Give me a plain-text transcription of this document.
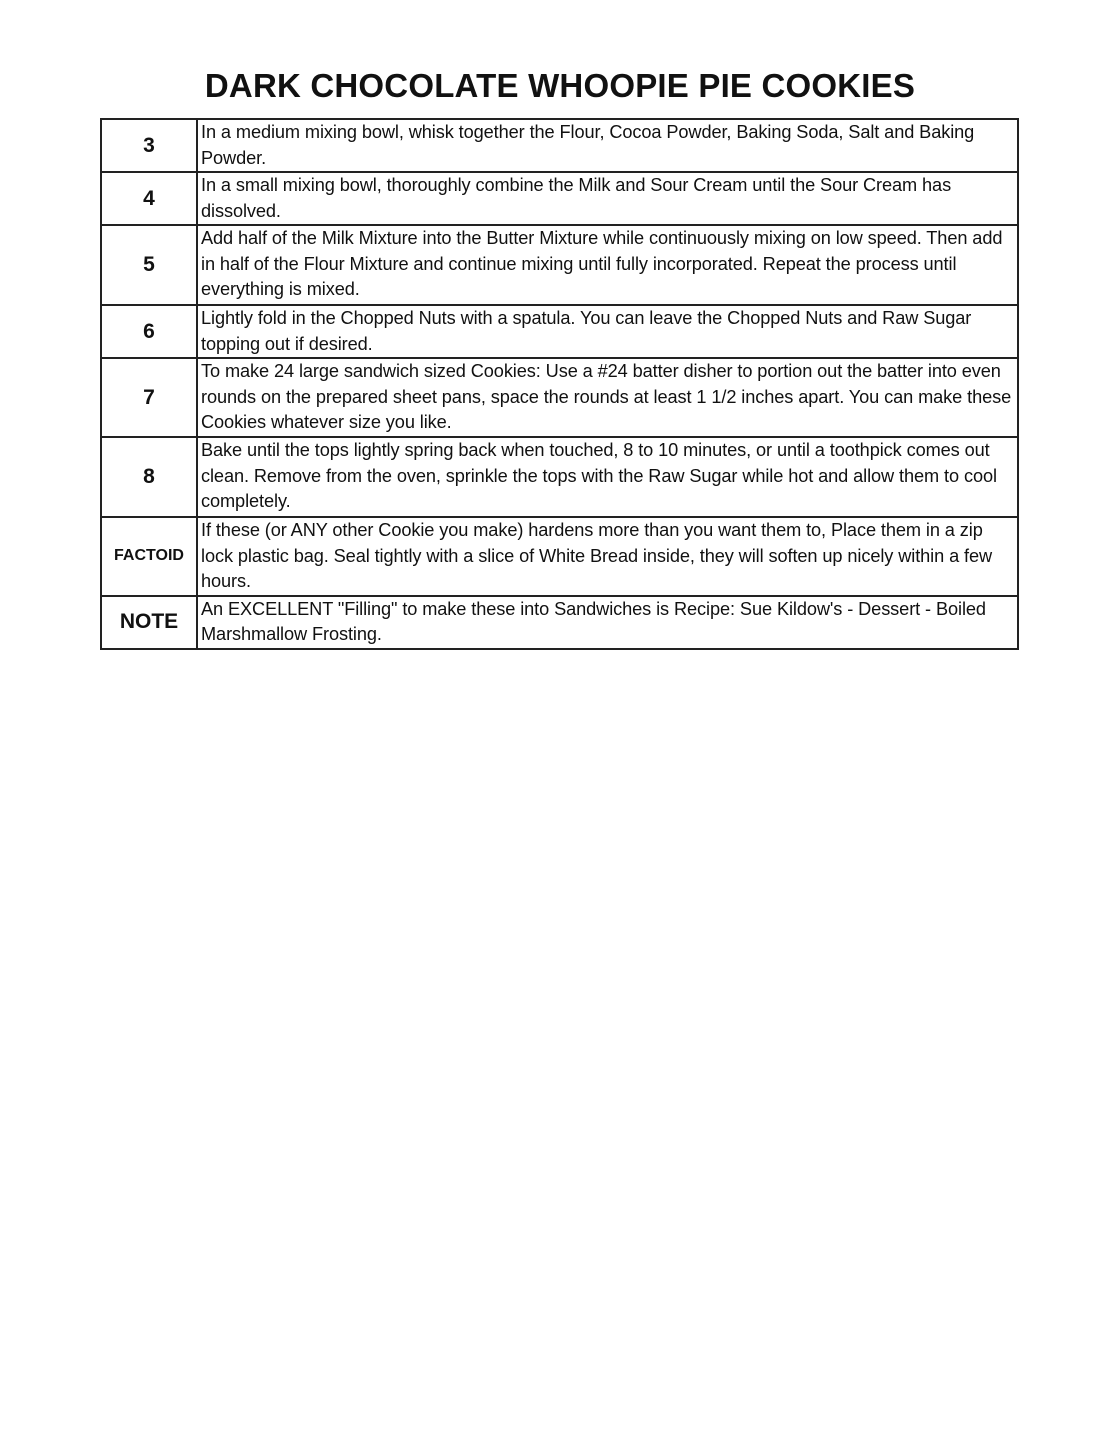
DARK CHOCOLATE WHOOPIE PIE COOKIES
3	In a medium mixing bowl, whisk together the Flour, Cocoa Powder, Baking Soda, Salt and Baking Powder.
4	In a small mixing bowl, thoroughly combine the Milk and Sour Cream until the Sour Cream has dissolved.
5	Add half of the Milk Mixture into the Butter Mixture while continuously mixing on low speed. Then add in half of the Flour Mixture and continue mixing until fully incorporated. Repeat the process until everything is mixed.
6	Lightly fold in the Chopped Nuts with a spatula. You can leave the Chopped Nuts and Raw Sugar topping out if desired.
7	To make 24 large sandwich sized Cookies: Use a #24 batter disher to portion out the batter into even rounds on the prepared sheet pans, space the rounds at least 1 1/2 inches apart. You can make these Cookies whatever size you like.
8	Bake until the tops lightly spring back when touched, 8 to 10 minutes, or until a toothpick comes out clean. Remove from the oven, sprinkle the tops with the Raw Sugar while hot and allow them to cool completely.
FACTOID	If these (or ANY other Cookie you make) hardens more than you want them to, Place them in a zip lock plastic bag. Seal tightly with a slice of White Bread inside, they will soften up nicely within a few hours.
NOTE	An EXCELLENT "Filling" to make these into Sandwiches is Recipe: Sue Kildow's - Dessert - Boiled Marshmallow Frosting.
